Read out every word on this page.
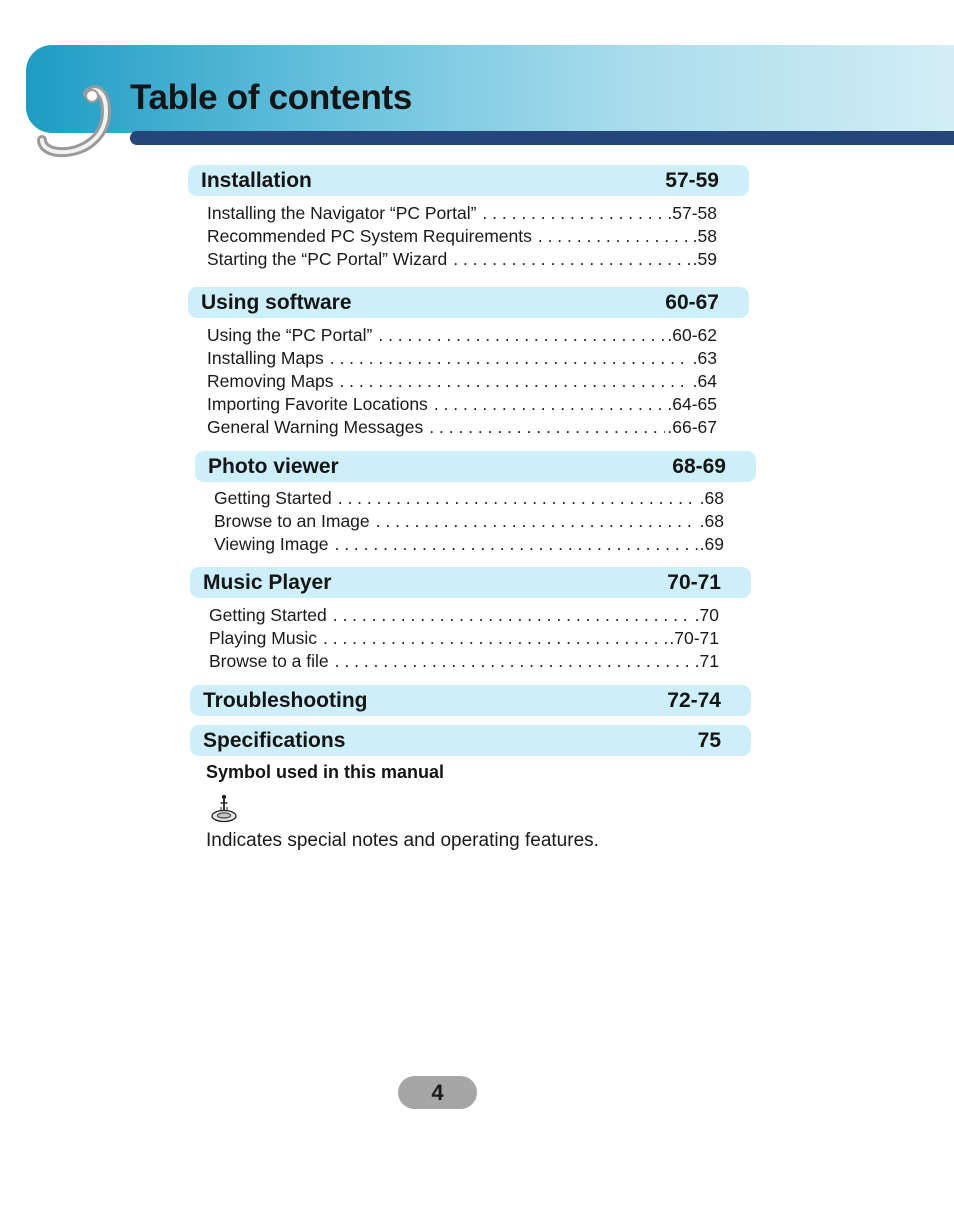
Table of contents
Installation	57-59
Installing the Navigator “PC Portal” . . .	.57-58
Recommended PC System Requirements . . .	.58
Starting the “PC Portal” Wizard . . .	.59
Using software	60-67
Using the “PC Portal” . . .	.60-62
Installing Maps . . .	.63
Removing Maps . . .	.64
Importing Favorite Locations . . .	.64-65
General Warning Messages . . .	.66-67
Photo viewer	68-69
Getting Started . . .	.68
Browse to an Image . . .	.68
Viewing Image . . .	.69
Music Player	70-71
Getting Started . . .	.70
Playing Music . . .	.70-71
Browse to a file . . .	.71
Troubleshooting	72-74
Specifications	75
Symbol used in this manual
Indicates special notes and operating features.
4
